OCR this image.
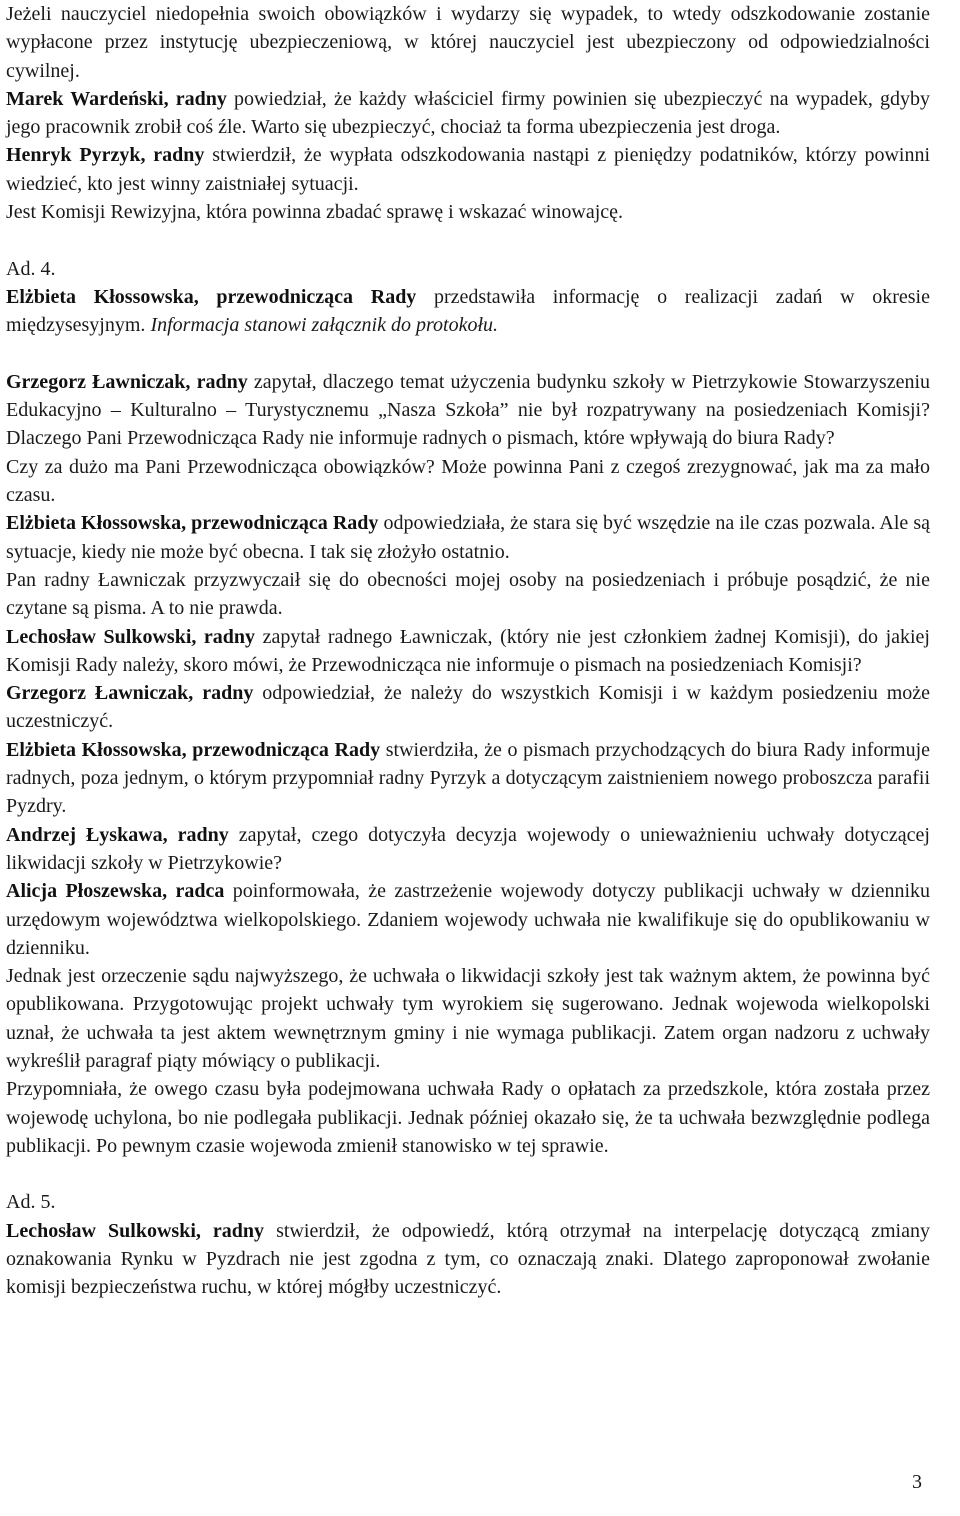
Jeżeli nauczyciel niedopełnia swoich obowiązków i wydarzy się wypadek, to wtedy odszkodowanie zostanie wypłacone przez instytucję ubezpieczeniową, w której nauczyciel jest ubezpieczony od odpowiedzialności cywilnej.

Marek Wardeński, radny powiedział, że każdy właściciel firmy powinien się ubezpieczyć na wypadek, gdyby jego pracownik zrobił coś źle. Warto się ubezpieczyć, chociaż ta forma ubezpieczenia jest droga.

Henryk Pyrzyk, radny stwierdził, że wypłata odszkodowania nastąpi z pieniędzy podatników, którzy powinni wiedzieć, kto jest winny zaistniałej sytuacji.

Jest Komisji Rewizyjna, która powinna zbadać sprawę i wskazać winowajcę.

Ad. 4.

Elżbieta Kłossowska, przewodnicząca Rady przedstawiła informację o realizacji zadań w okresie międzysesyjnym. Informacja stanowi załącznik do protokołu.

Grzegorz Ławniczak, radny zapytał, dlaczego temat użyczenia budynku szkoły w Pietrzykowie Stowarzyszeniu Edukacyjno – Kulturalno – Turystycznemu „Nasza Szkoła” nie był rozpatrywany na posiedzeniach Komisji? Dlaczego Pani Przewodnicząca Rady nie informuje radnych o pismach, które wpływają do biura Rady?

Czy za dużo ma Pani Przewodnicząca obowiązków? Może powinna Pani z czegoś zrezygnować, jak ma za mało czasu.

Elżbieta Kłossowska, przewodnicząca Rady odpowiedziała, że stara się być wszędzie na ile czas pozwala. Ale są sytuacje, kiedy nie może być obecna. I tak się złożyło ostatnio.

Pan radny Ławniczak przyzwyczaił się do obecności mojej osoby na posiedzeniach i próbuje posądzić, że nie czytane są pisma. A to nie prawda.

Lechosław Sulkowski, radny zapytał radnego Ławniczak, (który nie jest członkiem żadnej Komisji), do jakiej Komisji Rady należy, skoro mówi, że Przewodnicząca nie informuje o pismach na posiedzeniach Komisji?

Grzegorz Ławniczak, radny odpowiedział, że należy do wszystkich Komisji i w każdym posiedzeniu może uczestniczyć.

Elżbieta Kłossowska, przewodnicząca Rady stwierdziła, że o pismach przychodzących do biura Rady informuje radnych, poza jednym, o którym przypomniał radny Pyrzyk a dotyczącym zaistnieniem nowego proboszcza parafii Pyzdry.

Andrzej Łyskawa, radny zapytał, czego dotyczyła decyzja wojewody o unieważnieniu uchwały dotyczącej likwidacji szkoły w Pietrzykowie?

Alicja Płoszewska, radca poinformowała, że zastrzeżenie wojewody dotyczy publikacji uchwały w dzienniku urzędowym województwa wielkopolskiego. Zdaniem wojewody uchwała nie kwalifikuje się do opublikowaniu w dzienniku.

Jednak jest orzeczenie sądu najwyższego, że uchwała o likwidacji szkoły jest tak ważnym aktem, że powinna być opublikowana. Przygotowując projekt uchwały tym wyrokiem się sugerowano. Jednak wojewoda wielkopolski uznał, że uchwała ta jest aktem wewnętrznym gminy i nie wymaga publikacji. Zatem organ nadzoru z uchwały wykreślił paragraf piąty mówiący o publikacji.

Przypomniała, że owego czasu była podejmowana uchwała Rady o opłatach za przedszkole, która została przez wojewodę uchylona, bo nie podlegała publikacji. Jednak później okazało się, że ta uchwała bezwzględnie podlega publikacji. Po pewnym czasie wojewoda zmienił stanowisko w tej sprawie.

Ad. 5.

Lechosław Sulkowski, radny stwierdził, że odpowiedź, którą otrzymał na interpelację dotyczącą zmiany oznakowania Rynku w Pyzdrach nie jest zgodna z tym, co oznaczają znaki. Dlatego zaproponował zwołanie komisji bezpieczeństwa ruchu, w której mógłby uczestniczyć.

3
